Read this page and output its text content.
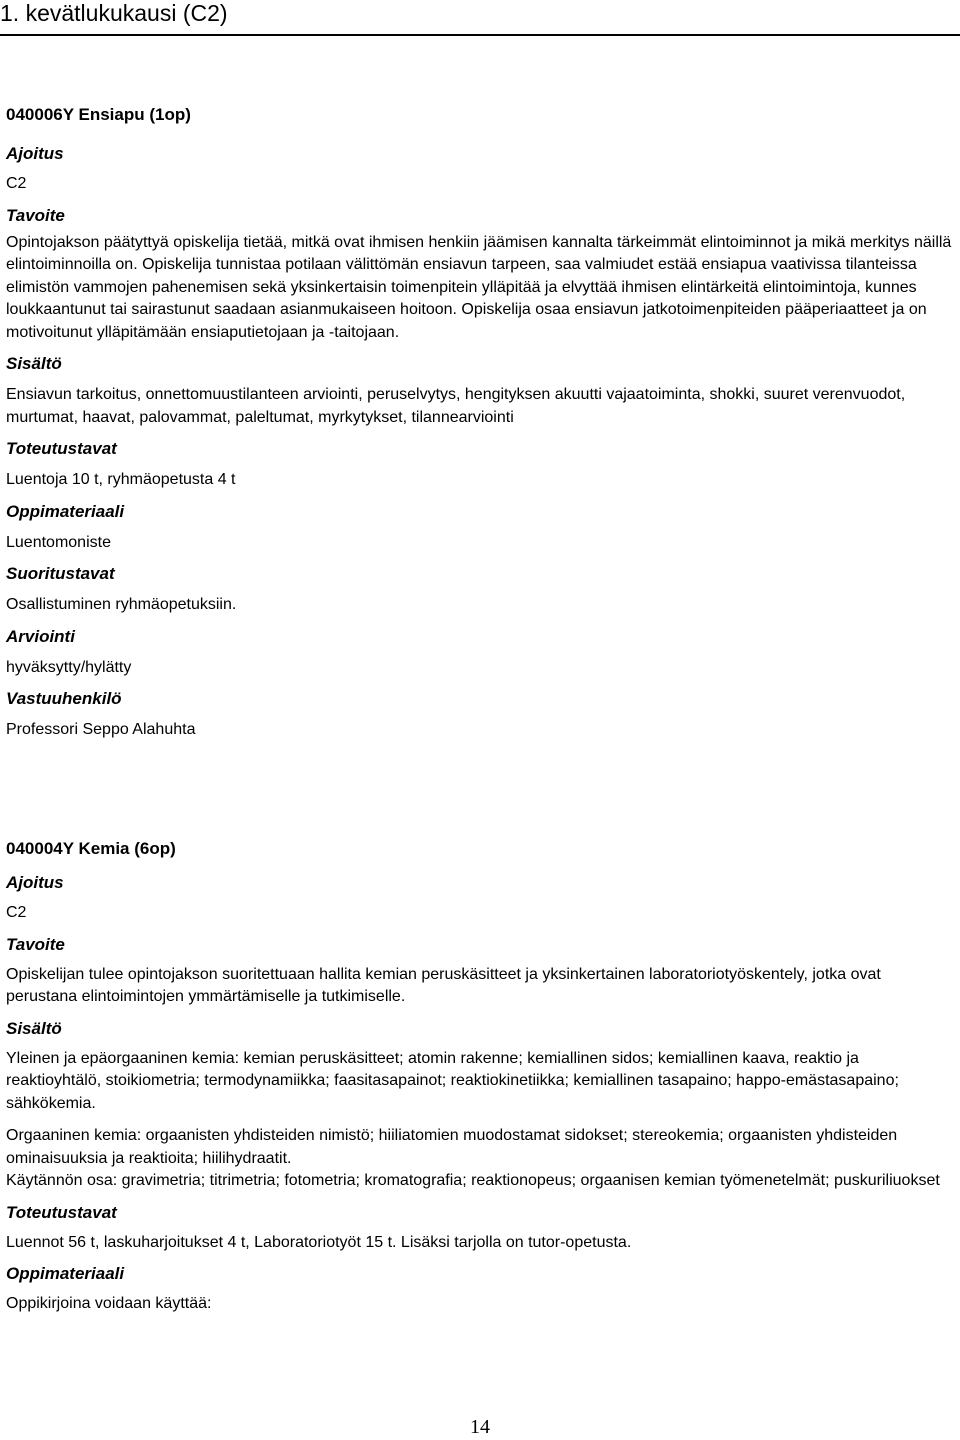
1. kevätlukukausi (C2)
040006Y Ensiapu (1op)

Ajoitus

C2

Tavoite

Opintojakson päätyttyä opiskelija tietää, mitkä ovat ihmisen henkiin jäämisen kannalta tärkeimmät elintoiminnot ja mikä merkitys näillä elintoiminnoilla on. Opiskelija tunnistaa potilaan välittömän ensiavun tarpeen, saa valmiudet estää ensiapua vaativissa tilanteissa elimistön vammojen pahenemisen sekä yksinkertaisin toimenpitein ylläpitää ja elvyttää ihmisen elintärkeitä elintoimintoja, kunnes loukkaantunut tai sairastunut saadaan asianmukaiseen hoitoon. Opiskelija osaa ensiavun jatkotoimenpiteiden pääperiaatteet ja on motivoitunut ylläpitämään ensiaputietojaan ja -taitojaan.

Sisältö

Ensiavun tarkoitus, onnettomuustilanteen arviointi, peruselvytys, hengityksen akuutti vajaatoiminta, shokki, suuret verenvuodot, murtumat, haavat, palovammat, paleltumat, myrkytykset, tilannearviointi

Toteutustavat

Luentoja 10 t, ryhmäopetusta 4 t

Oppimateriaali

Luentomoniste

Suoritustavat

Osallistuminen ryhmäopetuksiin.

Arviointi

hyväksytty/hylätty

Vastuuhenkilö

Professori Seppo Alahuhta

040004Y Kemia (6op)

Ajoitus

C2

Tavoite

Opiskelijan tulee opintojakson suoritettuaan hallita kemian peruskäsitteet ja yksinkertainen laboratoriotyöskentely, jotka ovat perustana elintoimintojen ymmärtämiselle ja tutkimiselle.

Sisältö

Yleinen ja epäorgaaninen kemia: kemian peruskäsitteet; atomin rakenne; kemiallinen sidos; kemiallinen kaava, reaktio ja reaktioyhtälö, stoikiometria; termodynamiikka; faasitasapainot; reaktiokinetiikka; kemiallinen tasapaino; happo-emästasapaino; sähkökemia.

Orgaaninen kemia: orgaanisten yhdisteiden nimistö; hiiliatomien muodostamat sidokset; stereokemia; orgaanisten yhdisteiden ominaisuuksia ja reaktioita; hiilihydraatit.

Käytännön osa: gravimetria; titrimetria; fotometria; kromatografia; reaktionopeus; orgaanisen kemian työmenetelmät; puskuriliuokset

Toteutustavat

Luennot 56 t, laskuharjoitukset 4 t, Laboratoriotyöt 15 t. Lisäksi tarjolla on tutor-opetusta.

Oppimateriaali

Oppikirjoina voidaan käyttää:

14
